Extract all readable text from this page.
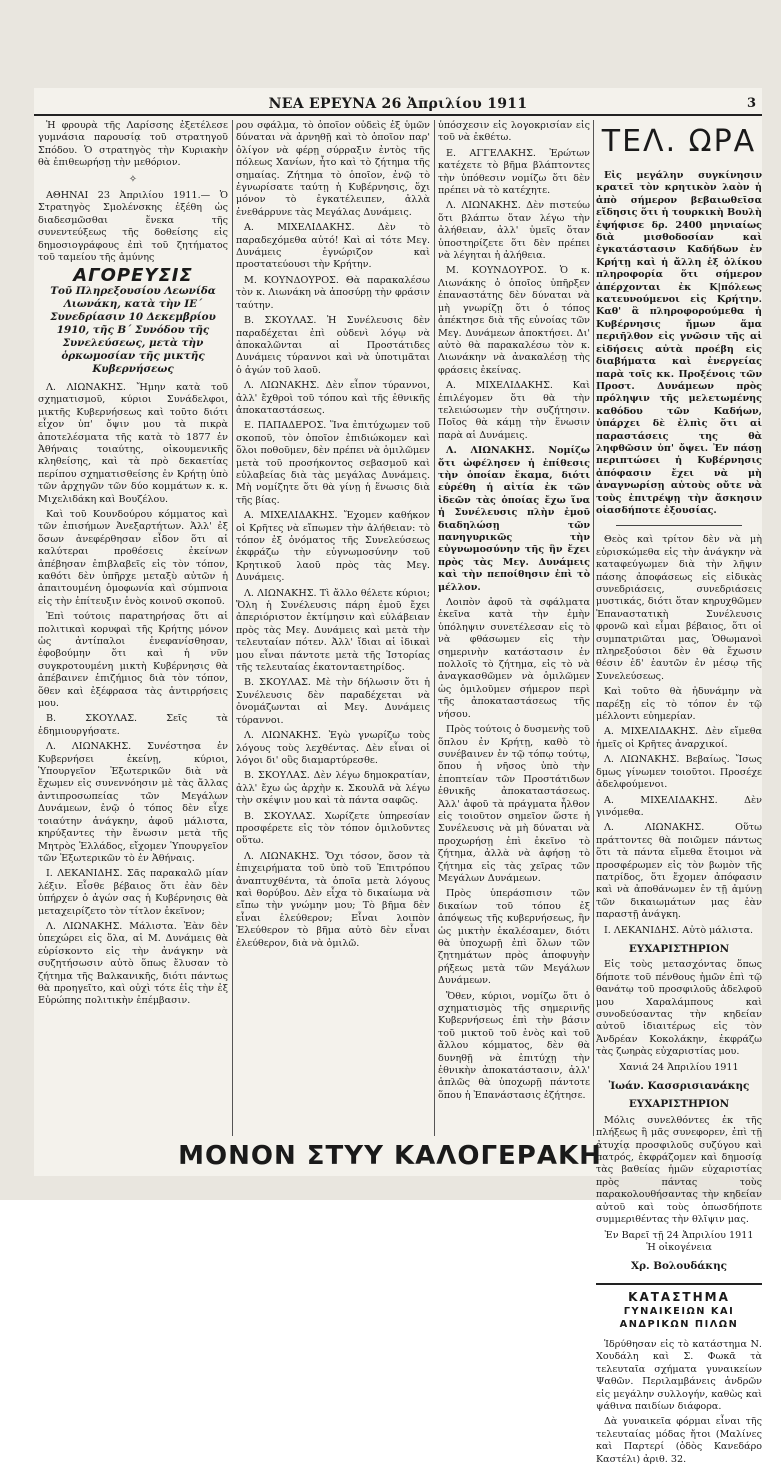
ΝΕΑ ΕΡΕΥΝΑ 26 Ἀπριλίου 1911	3

Ἡ φρουρὰ τῆς Λαρίσσης ἐξετέλεσε γυμνάσια παρουσίᾳ τοῦ στρατηγοῦ Σπόδου. Ὁ στρατηγὸς τὴν Κυριακὴν θὰ ἐπιθεωρήσῃ τὴν μεθόριον.

✧

ΑΘΗΝΑΙ 23 Ἀπριλίου 1911.— Ὁ Στρατηγὸς Σμολένσκης ἐξέθη ὡς διαδεσμῶσθαι ἕνεκα τῆς συνεντεύξεως τῆς δοθείσης εἰς δημοσιογράφους ἐπὶ τοῦ ζητήματος τοῦ ταμείου τῆς ἀμύνης

ΑΓΟΡΕΥΣΙΣ
Τοῦ Πληρεξουσίου Λεωνίδα Λιωνάκη, κατὰ τὴν ΙΕ΄ Συνεδρίασιν 10 Δεκεμβρίου 1910, τῆς Β΄ Συνόδου τῆς Συνελεύσεως, μετὰ τὴν ὁρκωμοσίαν τῆς μικτῆς Κυβερνήσεως

Λ. ΛΙΩΝΑΚΗΣ. Ἤμην κατὰ τοῦ σχηματισμοῦ, κύριοι Συνάδελφοι, μικτῆς Κυβερνήσεως καὶ τοῦτο διότι εἶχον ὑπ' ὄψιν μου τὰ πικρὰ ἀποτελέσματα τῆς κατὰ τὸ 1877 ἐν Ἀθήναις τοιαύτης, οἰκουμενικῆς κληθείσης, καὶ τὰ πρὸ δεκαετίας περίπου σχηματισθείσης ἐν Κρήτῃ ὑπὸ τῶν ἀρχηγῶν τῶν δύο κομμάτων κ. κ. Μιχελιδάκη καὶ Βουζέλου.

Καὶ τοῦ Κουνδούρου κόμματος καὶ τῶν ἐπισήμων Ἀνεξαρτήτων. Ἀλλ' ἐξ ὅσων ἀνεφέρθησαν εἶδον ὅτι αἱ καλύτεραι προθέσεις ἐκείνων ἀπέβησαν ἐπιβλαβεῖς εἰς τὸν τόπον, καθότι δὲν ὑπῆρχε μεταξὺ αὐτῶν ἡ ἀπαιτουμένη ὁμοφωνία καὶ σύμπνοια εἰς τὴν ἐπίτευξιν ἑνὸς κοινοῦ σκοποῦ.

Ἐπὶ τούτοις παρατηρήσας ὅτι αἱ πολιτικαὶ κορυφαὶ τῆς Κρήτης μόνον ὡς ἀντίπαλοι ἐνεφανίσθησαν, ἐφοβούμην ὅτι καὶ ἡ νῦν συγκροτουμένη μικτὴ Κυβέρνησις θὰ ἀπέβαινεν ἐπιζήμιος διὰ τὸν τόπον, ὅθεν καὶ ἐξέφρασα τὰς ἀντιρρήσεις μου.

Β. ΣΚΟΥΛΑΣ. Σεῖς τὰ ἐδημιουργήσατε.

Λ. ΛΙΩΝΑΚΗΣ. Συνέστησα ἐν Κυβερνήσει ἐκείνῃ, κύριοι, Ὑπουργεῖον Ἐξωτερικῶν διὰ νὰ ἔχωμεν εἰς συνεννόησιν μὲ τὰς ἄλλας ἀντιπροσωπείας τῶν Μεγάλων Δυνάμεων, ἐνῷ ὁ τόπος δὲν εἶχε τοιαύτην ἀνάγκην, ἀφοῦ μάλιστα, κηρύξαντες τὴν ἕνωσιν μετὰ τῆς Μητρὸς Ἑλλάδος, εἴχομεν Ὑπουργεῖον τῶν Ἐξωτερικῶν τὸ ἐν Ἀθήναις.

Ι. ΛΕΚΑΝΙΔΗΣ. Σᾶς παρακαλῶ μίαν λέξιν. Εἶσθε βέβαιος ὅτι ἐὰν δὲν ὑπήρχεν ὁ ἀγών σας ἡ Κυβέρνησις θὰ μεταχειρίζετο τὸν τίτλον ἐκεῖνον;

Λ. ΛΙΩΝΑΚΗΣ. Μάλιστα. Ἐὰν δὲν ὑπεχώρει εἰς ὅλα, αἱ Μ. Δυνάμεις θὰ εὑρίσκοντο εἰς τὴν ἀνάγκην νὰ συζητήσωσιν αὐτὸ ὅπως ἔλυσαν τὸ ζήτημα τῆς Βαλκανικῆς, διότι πάντως θὰ προηγεῖτο, καὶ οὐχὶ τότε ἐἰς τὴν ἐξ Εὐρώπης πολιτικὴν ἐπέμβασιν.

ρου σφάλμα, τὸ ὁποῖον οὐδεὶς ἐξ ὑμῶν δύναται νὰ ἀρνηθῇ καὶ τὸ ὁποῖον παρ' ὀλίγον νὰ φέρῃ σύρραξιν ἐντὸς τῆς πόλεως Χανίων, ἦτο καὶ τὸ ζήτημα τῆς σημαίας. Ζήτημα τὸ ὁποῖον, ἐνῷ τὸ ἐγνωρίσατε ταύτῃ ἡ Κυβέρνησις, ὅχι μόνον τὸ ἐγκατέλειπεν, ἀλλὰ ἐνεθάρρυνε τὰς Μεγάλας Δυνάμεις.

Α. ΜΙΧΕΛΙΔΑΚΗΣ. Δὲν τὸ παραδεχόμεθα αὐτό! Καὶ αἱ τότε Μεγ. Δυνάμεις ἐγνώριζον καὶ προστατεύουσι τὴν Κρήτην.

Μ. ΚΟΥΝΔΟΥΡΟΣ. Θὰ παρακαλέσω τὸν κ. Λιωνάκη νὰ ἀποσύρῃ τὴν φράσιν ταύτην.

Β. ΣΚΟΥΛΑΣ. Ἡ Συνέλευσις δὲν παραδέχεται ἐπὶ οὐδενὶ λόγῳ νὰ ἀποκαλῶνται αἱ Προστάτιδες Δυνάμεις τύραννοι καὶ νὰ ὑποτιμᾶται ὁ ἀγών τοῦ λαοῦ.

Λ. ΛΙΩΝΑΚΗΣ. Δὲν εἶπον τύραννοι, ἀλλ' ἔχθροὶ τοῦ τόπου καὶ τῆς ἐθνικῆς ἀποκαταστάσεως.

Ε. ΠΑΠΑΔΕΡΟΣ. Ἵνα ἐπιτύχωμεν τοῦ σκοποῦ, τὸν ὁποῖον ἐπιδιώκομεν καὶ ὅλοι ποθοῦμεν, δὲν πρέπει νὰ ὁμιλῶμεν μετὰ τοῦ προσήκοντος σεβασμοῦ καὶ εὐλαβείας διὰ τὰς μεγάλας Δυνάμεις. Μὴ νομίζητε ὅτι θὰ γίνῃ ἡ ἕνωσις διὰ τῆς βίας.

Α. ΜΙΧΕΛΙΔΑΚΗΣ. Ἔχομεν καθήκον οἱ Κρῆτες νὰ εἴπωμεν τὴν ἀλήθειαν: τὸ τόπον ἐξ ὀνόματος τῆς Συνελεύσεως ἐκφράζω τὴν εὐγνωμοσύνην τοῦ Κρητικοῦ λαοῦ πρὸς τὰς Μεγ. Δυνάμεις.

Λ. ΛΙΩΝΑΚΗΣ. Τὶ ἄλλο θέλετε κύριοι; Ὅλη ἡ Συνέλευσις πάρη ἐμοῦ ἔχει ἀπεριόριστον ἐκτίμησιν καὶ εὐλάβειαν πρὸς τὰς Μεγ. Δυνάμεις καὶ μετὰ τὴν τελευταίαν πότεν. Ἀλλ' ἴδιαι αἱ ἰδικαὶ μου εἶναι πάντοτε μετὰ τῆς Ἱστορίας τῆς τελευταίας ἑκατονταετηρίδος.

Β. ΣΚΟΥΛΑΣ. Μὲ τὴν δήλωσιν ὅτι ἡ Συνέλευσις δὲν παραδέχεται νὰ ὀνομάζωνται αἱ Μεγ. Δυνάμεις τύραννοι.

Λ. ΛΙΩΝΑΚΗΣ. Ἐγὼ γνωρίζω τοὺς λόγους τοὺς λεχθέντας. Δὲν εἶναι οἱ λόγοι δι' οὓς διαμαρτύρεσθε.

Β. ΣΚΟΥΛΑΣ. Δὲν λέγω δημοκρατίαν, ἀλλ' ἔχω ὡς ἀρχὴν κ. Σκουλᾶ νὰ λέγω τὴν σκέψιν μου καὶ τὰ πάντα σαφῶς.

Β. ΣΚΟΥΛΑΣ. Χωρίζετε ὑπηρεσίαν προσφέρετε εἰς τὸν τόπον ὁμιλοῦντες οὕτω.

Λ. ΛΙΩΝΑΚΗΣ. Ὄχι τόσον, ὅσον τὰ ἐπιχειρήματα τοῦ ὑπὸ τοῦ Ἐπιτρόπου ἀναπτυχθέντα, τὰ ὁποῖα μετὰ λόγους καὶ θορύβου. Δὲν εἶχα τὸ δικαίωμα νὰ εἴπω τὴν γνώμην μου; Τὸ βῆμα δὲν εἶναι ἐλεύθερον; Εἶναι λοιπὸν Ἐλεύθερον τὸ βῆμα αὐτὸ δὲν εἶναι ἐλεύθερον, διὰ νὰ ὁμιλῶ.

ὑπόσχεσιν εἰς λογοκρισίαν εἰς τοῦ νὰ ἐκθέτω.

Ε. ΑΓΓΕΛΑΚΗΣ. Ἐρώτων κατέχετε τὸ βῆμα βλάπτοντες τὴν ὑπόθεσιν νομίζω ὅτι δὲν πρέπει νὰ τὸ κατέχητε.

Λ. ΛΙΩΝΑΚΗΣ. Δὲν πιστεύω ὅτι βλάπτω ὅταν λέγω τὴν ἀλήθειαν, ἀλλ' ὑμεῖς ὅταν ὑποστηρίζετε ὅτι δὲν πρέπει νὰ λέγηται ἡ ἀλήθεια.

Μ. ΚΟΥΝΔΟΥΡΟΣ. Ὁ κ. Λιωνάκης ὁ ὁποῖος ὑπῆρξεν ἐπαναστάτης δὲν δύναται νὰ μὴ γνωρίζῃ ὅτι ὁ τόπος ἀπέκτησε διὰ τῆς εὐνοίας τῶν Μεγ. Δυνάμεων ἀποκτήσει. Δι' αὐτὸ θὰ παρακαλέσω τὸν κ. Λιωνάκην νὰ ἀνακαλέσῃ τὴς φράσεις ἐκείνας.

Α. ΜΙΧΕΛΙΔΑΚΗΣ. Καὶ ἐπιλέγομεν ὅτι θὰ τὴν τελειώσωμεν τὴν συζήτησιν. Ποῖος θὰ κάμῃ τὴν ἕνωσιν παρὰ αἱ Δυνάμεις.

Λ. ΛΙΩΝΑΚΗΣ. Νομίζω ὅτι ὠφέλησεν ἡ ἐπίθεσις τὴν ὁποίαν ἔκαμα, διότι εὑρέθη ἡ αἰτία ἐκ τῶν ἰδεῶν τὰς ὁποίας ἔχω ἵνα ἡ Συνέλευσις πλὴν ἐμοῦ διαδηλώσῃ τῶν πανηγυρικῶς τὴν εὐγνωμοσύνην τῆς ἣν ἔχει πρὸς τὰς Μεγ. Δυνάμεις καὶ τὴν πεποίθησιν ἐπὶ τὸ μέλλον.

Λοιπὸν ἀφοῦ τὰ σφάλματα ἐκεῖνα κατὰ τὴν ἐμὴν ὑπόληψιν συνετέλεσαν εἰς τὸ νὰ φθάσωμεν εἰς τὴν σημερινὴν κατάστασιν ἐν πολλοῖς τὸ ζήτημα, εἰς τὸ νὰ ἀναγκασθῶμεν νὰ ὁμιλῶμεν ὡς ὁμιλοῦμεν σήμερον περὶ τῆς ἀποκαταστάσεως τῆς νήσου.

Πρὸς τούτοις ὁ δυσμενὴς τοῦ ὅπλου ἐν Κρήτῃ, καθὸ τὸ συνέβαινεν ἐν τῷ τόπῳ τούτῳ, ὅπου ἡ νῆσος ὑπὸ τὴν ἐποπτείαν τῶν Προστάτιδων ἐθνικῆς ἀποκαταστάσεως. Ἀλλ' ἀφοῦ τὰ πράγματα ἦλθον εἰς τοιοῦτον σημεῖον ὥστε ἡ Συνέλευσις νὰ μὴ δύναται νὰ προχωρήσῃ ἐπὶ ἐκεῖνο τὸ ζήτημα, ἀλλὰ νὰ ἀφήσῃ τὸ ζήτημα εἰς τὰς χεῖρας τῶν Μεγάλων Δυνάμεων.

Πρὸς ὑπεράσπισιν τῶν δικαίων τοῦ τόπου ἐξ ἀπόψεως τῆς κυβερνήσεως, ἣν ὡς μικτὴν ἐκαλέσαμεν, διότι θὰ ὑποχωρῇ ἐπὶ ὅλων τῶν ζητημάτων πρὸς ἀποφυγὴν ρήξεως μετὰ τῶν Μεγάλων Δυνάμεων.

Ὅθεν, κύριοι, νομίζω ὅτι ὁ σχηματισμὸς τῆς σημερινῆς Κυβερνήσεως ἐπὶ τὴν βάσιν τοῦ μικτοῦ τοῦ ἑνὸς καὶ τοῦ ἄλλου κόμματος, δὲν θὰ δυνηθῇ νὰ ἐπιτύχῃ τὴν ἐθνικὴν ἀποκατάστασιν, ἀλλ' ἁπλῶς θὰ ὑποχωρῇ πάντοτε ὅπου ἡ Ἐπανάστασις ἐζήτησε.

ΤΕΛ. ΩΡΑ

Εἰς μεγάλην συγκίνησιν κρατεῖ τὸν κρητικὸν λαὸν ἡ ἀπὸ σήμερον βεβαιωθεῖσα εἴδησις ὅτι ἡ τουρκικὴ Βουλὴ ἐψήφισε δρ. 2400 μηνιαίως διὰ μισθοδοσίαν καὶ ἐγκατάστασιν Καδήδων ἐν Κρήτῃ καὶ ἡ ἄλλη ἐξ ὁλίκου πληροφορία ὅτι σήμερον ἀπέρχονται ἐκ Κ|πόλεως κατευνούμενοι εἰς Κρήτην. Καθ' ἃ πληροφορούμεθα ἡ Κυβέρνησις ἤμων ἅμα περιῆλθον εἰς γνῶσιν τῆς αἱ εἰδήσεις αὐτὰ προέβη εἰς διαβήματα καὶ ἐνεργείας παρὰ τοῖς κκ. Προξένοις τῶν Προστ. Δυνάμεων πρὸς πρόληψιν τῆς μελετωμένης καθόδου τῶν Καδήων, ὑπάρχει δὲ ἐλπὶς ὅτι αἱ παραστάσεις της θὰ ληφθῶσιν ὑπ' ὄψει. Ἐν πάσῃ περιπτώσει ἡ Κυβέρνησις ἀπόφασιν ἔχει νὰ μὴ ἀναγνωρίσῃ αὐτοὺς οὔτε νὰ τοὺς ἐπιτρέψῃ τὴν ἄσκησιν οἱασδήποτε ἐξουσίας.

Θεὸς καὶ τρίτον δὲν νὰ μὴ εὑρισκώμεθα εἰς τὴν ἀνάγκην νὰ καταφεύγωμεν διὰ τὴν λῆψιν πάσης ἀποφάσεως εἰς εἰδικὰς συνεδριάσεις, συνεδριάσεις μυστικάς, διότι ὅταν κηρυχθῶμεν Ἐπαναστατικὴ Συνέλευσις φρονῶ καὶ εἶμαι βέβαιος, ὅτι οἱ συμπατριῶται μας, Ὁθωμανοὶ πληρεξούσιοι δὲν θὰ ἔχωσιν θέσιν ἐδ' ἑαυτῶν ἐν μέσῳ τῆς Συνελεύσεως.

Καὶ τοῦτο θὰ ἠδυνάμην νὰ παρέξῃ εἰς τὸ τόπον ἐν τῷ μέλλοντι εὐημερίαν.

Α. ΜΙΧΕΛΙΔΑΚΗΣ. Δὲν εἴμεθα ἡμεῖς οἱ Κρῆτες ἀναρχικοί.

Λ. ΛΙΩΝΑΚΗΣ. Βεβαίως. Ἴσως δμως γίνωμεν τοιοῦτοι. Προσέχε ἀδελφούμενοι.

Α. ΜΙΧΕΛΙΔΑΚΗΣ. Δὲν γινόμεθα.

Λ. ΛΙΩΝΑΚΗΣ. Οὕτω πράττοντες θὰ ποιῶμεν πάντως ὅτι τὰ πάντα εἴμεθα ἕτοιμοι νὰ προσφέρωμεν εἰς τὸν βωμὸν τῆς πατρίδος, ὅτι ἔχομεν ἀπόφασιν καὶ νὰ ἀποθάνωμεν ἐν τῇ ἀμύνῃ τῶν δικαιωμάτων μας ἐὰν παραστῇ ἀνάγκη.

Ι. ΛΕΚΑΝΙΔΗΣ. Αὐτὸ μάλιστα.

ΕΥΧΑΡΙΣΤΗΡΙΟΝ

Εἰς τοὺς μετασχόντας ὅπως δήποτε τοῦ πένθους ἡμῶν ἐπὶ τῷ θανάτῳ τοῦ προσφιλοῦς ἀδελφοῦ μου Χαραλάμπους καὶ συνοδεύσαντας τὴν κηδείαν αὐτοῦ ἰδιαιτέρως εἰς τὸν Ἀνδρέαν Κοκολάκην, ἐκφράζω τὰς ζωηρὰς εὐχαριστίας μου.

Χανιά 24 Ἀπριλίου 1911
Ἰωάν. Κασσρισιανάκης
ΕΥΧΑΡΙΣΤΗΡΙΟΝ

Μόλις συνελθόντες ἐκ τῆς πλήξεως ἣ μᾶς συνεφορεν, ἐπὶ τῇ ἀτυχίᾳ προσφιλοῦς συζύγου καὶ πατρός, ἐκφράζομεν καὶ δημοσίᾳ τὰς βαθείας ἡμῶν εὐχαριστίας πρὸς πάντας τοὺς παρακολουθήσαντας τὴν κηδείαν αὐτοῦ καὶ τοὺς ὁπωσδήποτε συμμεριθέντας τὴν θλῖψιν μας.

Ἐν Βαρεῖ τῇ 24 Ἀπριλίου 1911
Ἡ οἰκογένεια
Χρ. Βολουδάκης
ΚΑΤΑΣΤΗΜΑ
ΓΥΝΑΙΚΕΙΩΝ ΚΑΙ ΑΝΔΡΙΚΩΝ ΠΙΛΩΝ

Ἱδρύθησαν εἰς τὸ κατάστημα Ν. Χουδάλη καὶ Σ. Φωκᾶ τὰ τελευταῖα σχήματα γυναικείων Ψαθῶν. Περιλαμβάνεις ἀνδρῶν εἰς μεγάλην συλλογήν, καθὼς καὶ ψάθινα παιδίων διάφορα.

Δὰ γυναικεῖα φόρμαι εἶναι τῆς τελευταίας μόδας ἤτοι (Μαλίνες καὶ Παρτερί (ὁδὸς Κανεδάρο Καστέλι) ἀριθ. 32.

ΜΟΝΟΝ ΣΤΥΥ ΚΑΛΟΓΕΡΑΚΗ
